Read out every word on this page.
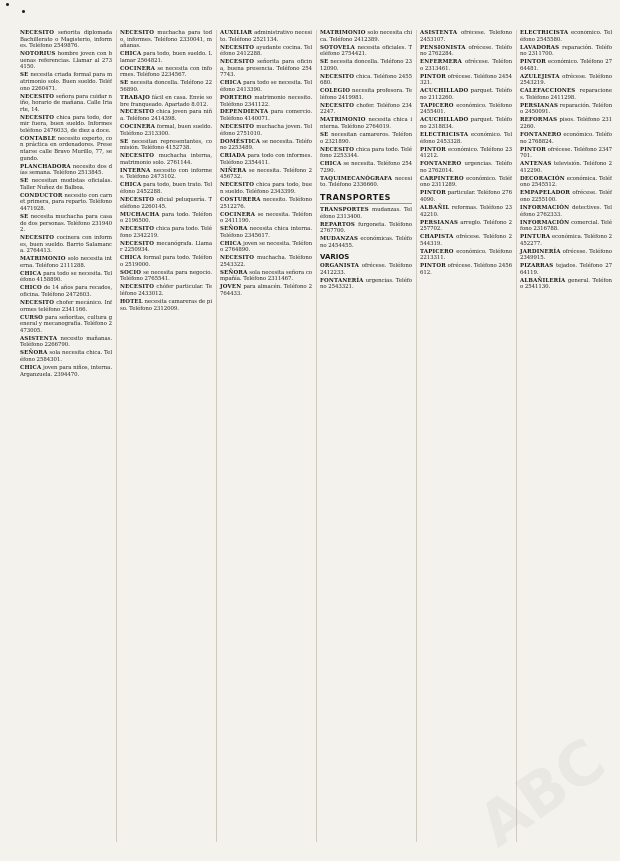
NECESITO señorita diplomada Bachillerato o Magisterio, informes. Teléfono 2549876.

NOTORIUS hombre joven con buenas referencias. Llamar al 2734150.

SE necesita criada formal para matrimonio solo. Buen sueldo. Teléfono 2260471.

NECESITO señora para cuidar niño, horario de mañana. Calle Iriarte, 14.

NECESITO chica para todo, dormir fuera, buen sueldo. Informes teléfono 2476033, de diez a doce.

CONTABLE necesito experto, con práctica en ordenadores. Presentarse calle Bravo Murillo, 77, segundo.

PLANCHADORA necesito dos días semana. Teléfono 2513845.

SE necesitan modistas oficialas. Taller Nuñez de Balboa.

CONDUCTOR necesito con carnet primera, para reparto. Teléfono 4471928.

SE necesita muchacha para casa de dos personas. Teléfono 2319402.

NECESITO cocinera con informes, buen sueldo. Barrio Salamanca. 2764413.

MATRIMONIO solo necesita interna. Teléfono 2111288.

CHICA para todo se necesita. Teléfono 4158890.

CHICO de 14 años para recados, oficina. Teléfono 2472603.

NECESITO chofer mecánico. Informes teléfono 2341166.

CURSO para señoritas, cultura general y mecanografía. Teléfono 2473005.

ASISTENTA necesito mañanas. Teléfono 2266790.

SEÑORA sola necesita chica. Teléfono 2584301.

CHICA joven para niños, interna. Arganzuela. 2394470.

NECESITO muchacha para todo, informes. Teléfono 2330041, mañanas.

CHICA para todo, buen sueldo. Llamar 2564821.

COCINERA se necesita con informes. Teléfono 2234567.

SE necesita doncella. Teléfono 2256890.

TRABAJO fácil en casa. Envíe sobre franqueado. Apartado 8.012.

NECESITO chica joven para niña. Teléfono 2414398.

COCINERA formal, buen sueldo. Teléfono 2313300.

SE necesitan representantes, comisión. Teléfono 4152738.

NECESITO muchacha interna, matrimonio solo. 2761144.

INTERNA necesito con informes. Teléfono 2473102.

CHICA para todo, buen trato. Teléfono 2452288.

NECESITO oficial peluquería. Teléfono 2260145.

MUCHACHA para todo. Teléfono 2196500.

NECESITO chica para todo. Teléfono 2342219.

NECESITO mecanógrafa. Llamar 2250934.

CHICA formal para todo. Teléfono 2519000.

SOCIO se necesita para negocio. Teléfono 2765541.

NECESITO chófer particular. Teléfono 2433012.

HOTEL necesita camareras de piso. Teléfono 2312009.

AUXILIAR administrativo necesito. Teléfono 2521134.

NECESITO ayudante cocina. Teléfono 2412288.

NECESITO señorita para oficina, buena presencia. Teléfono 2547743.

CHICA para todo se necesita. Teléfono 2413390.

PORTERO matrimonio necesito. Teléfono 2341122.

DEPENDIENTA para comercio. Teléfono 4140071.

NECESITO muchacha joven. Teléfono 2751010.

DOMÉSTICA se necesita. Teléfono 2253489.

CRIADA para todo con informes. Teléfono 2354411.

NIÑERA se necesita. Teléfono 2456732.

NECESITO chica para todo, buen sueldo. Teléfono 2343399.

COSTURERA necesito. Teléfono 2512276.

COCINERA se necesita. Teléfono 2411190.

SEÑORA necesita chica interna. Teléfono 2345617.

CHICA joven se necesita. Teléfono 2764890.

NECESITO muchacha. Teléfono 2543322.

SEÑORA sola necesita señora compañía. Teléfono 2311467.

JOVEN para almacén. Teléfono 2764433.

MATRIMONIO solo necesita chica. Teléfono 2412389.

SOTOVELA necesita oficiales. Teléfono 2754421.

SE necesita doncella. Teléfono 2312090.

NECESITO chica. Teléfono 2455680.

COLEGIO necesita profesora. Teléfono 2419981.

NECESITO chofer. Teléfono 2342247.

MATRIMONIO necesita chica interna. Teléfono 2764019.

SE necesitan camareros. Teléfono 2321890.

NECESITO chica para todo. Teléfono 2253344.

CHICA se necesita. Teléfono 2547290.

TAQUIMECANÓGRAFA necesito. Teléfono 2336660.

TRANSPORTES

TRANSPORTES mudanzas. Teléfono 2313400.

REPARTOS furgoneta. Teléfono 2767700.

MUDANZAS económicas. Teléfono 2454455.

VARIOS

ORGANISTA ofrécese. Teléfono 2412233.

FONTANERÍA urgencias. Teléfono 2543321.

ASISTENTA ofrécese. Teléfono 2453107.

PENSIONISTA ofrécese. Teléfono 2762284.

ENFERMERA ofrécese. Teléfono 2313461.

PINTOR ofrécese. Teléfono 2454321.

ACUCHILLADO parquet. Teléfono 2112260.

TAPICERO económico. Teléfono 2455401.

ACUCHILLADO parquet. Teléfono 2318834.

ELECTRICISTA económico. Teléfono 2453328.

PINTOR económico. Teléfono 2341212.

FONTANERO urgencias. Teléfono 2762014.

CARPINTERO económico. Teléfono 2311289.

PINTOR particular. Teléfono 2764090.

ALBAÑIL reformas. Teléfono 2342210.

PERSIANAS arreglo. Teléfono 2257702.

CHAPISTA ofrécese. Teléfono 2544319.

TAPICERO económico. Teléfono 2213311.

PINTOR ofrécese. Teléfono 2456612.

ELECTRICISTA económico. Teléfono 2545580.

LAVADORAS reparación. Teléfono 2311700.

PINTOR económico. Teléfono 2764481.

AZULEJISTA ofrécese. Teléfono 2543219.

CALEFACCIONES reparaciones. Teléfono 2411298.

PERSIANAS reparación. Teléfono 2450091.

REFORMAS pisos. Teléfono 2312260.

FONTANERO económico. Teléfono 2768824.

PINTOR ofrécese. Teléfono 2347701.

ANTENAS televisión. Teléfono 2412290.

DECORACIÓN económica. Teléfono 2545512.

EMPAPELADOR ofrécese. Teléfono 2255100.

INFORMACIÓN detectives. Teléfono 2762333.

INFORMACIÓN comercial. Teléfono 2316788.

PINTURA económica. Teléfono 2452277.

JARDINERÍA ofrécese. Teléfono 2349915.

PIZARRAS tejados. Teléfono 2764119.

ALBAÑILERÍA general. Teléfono 2541130.

ABC
